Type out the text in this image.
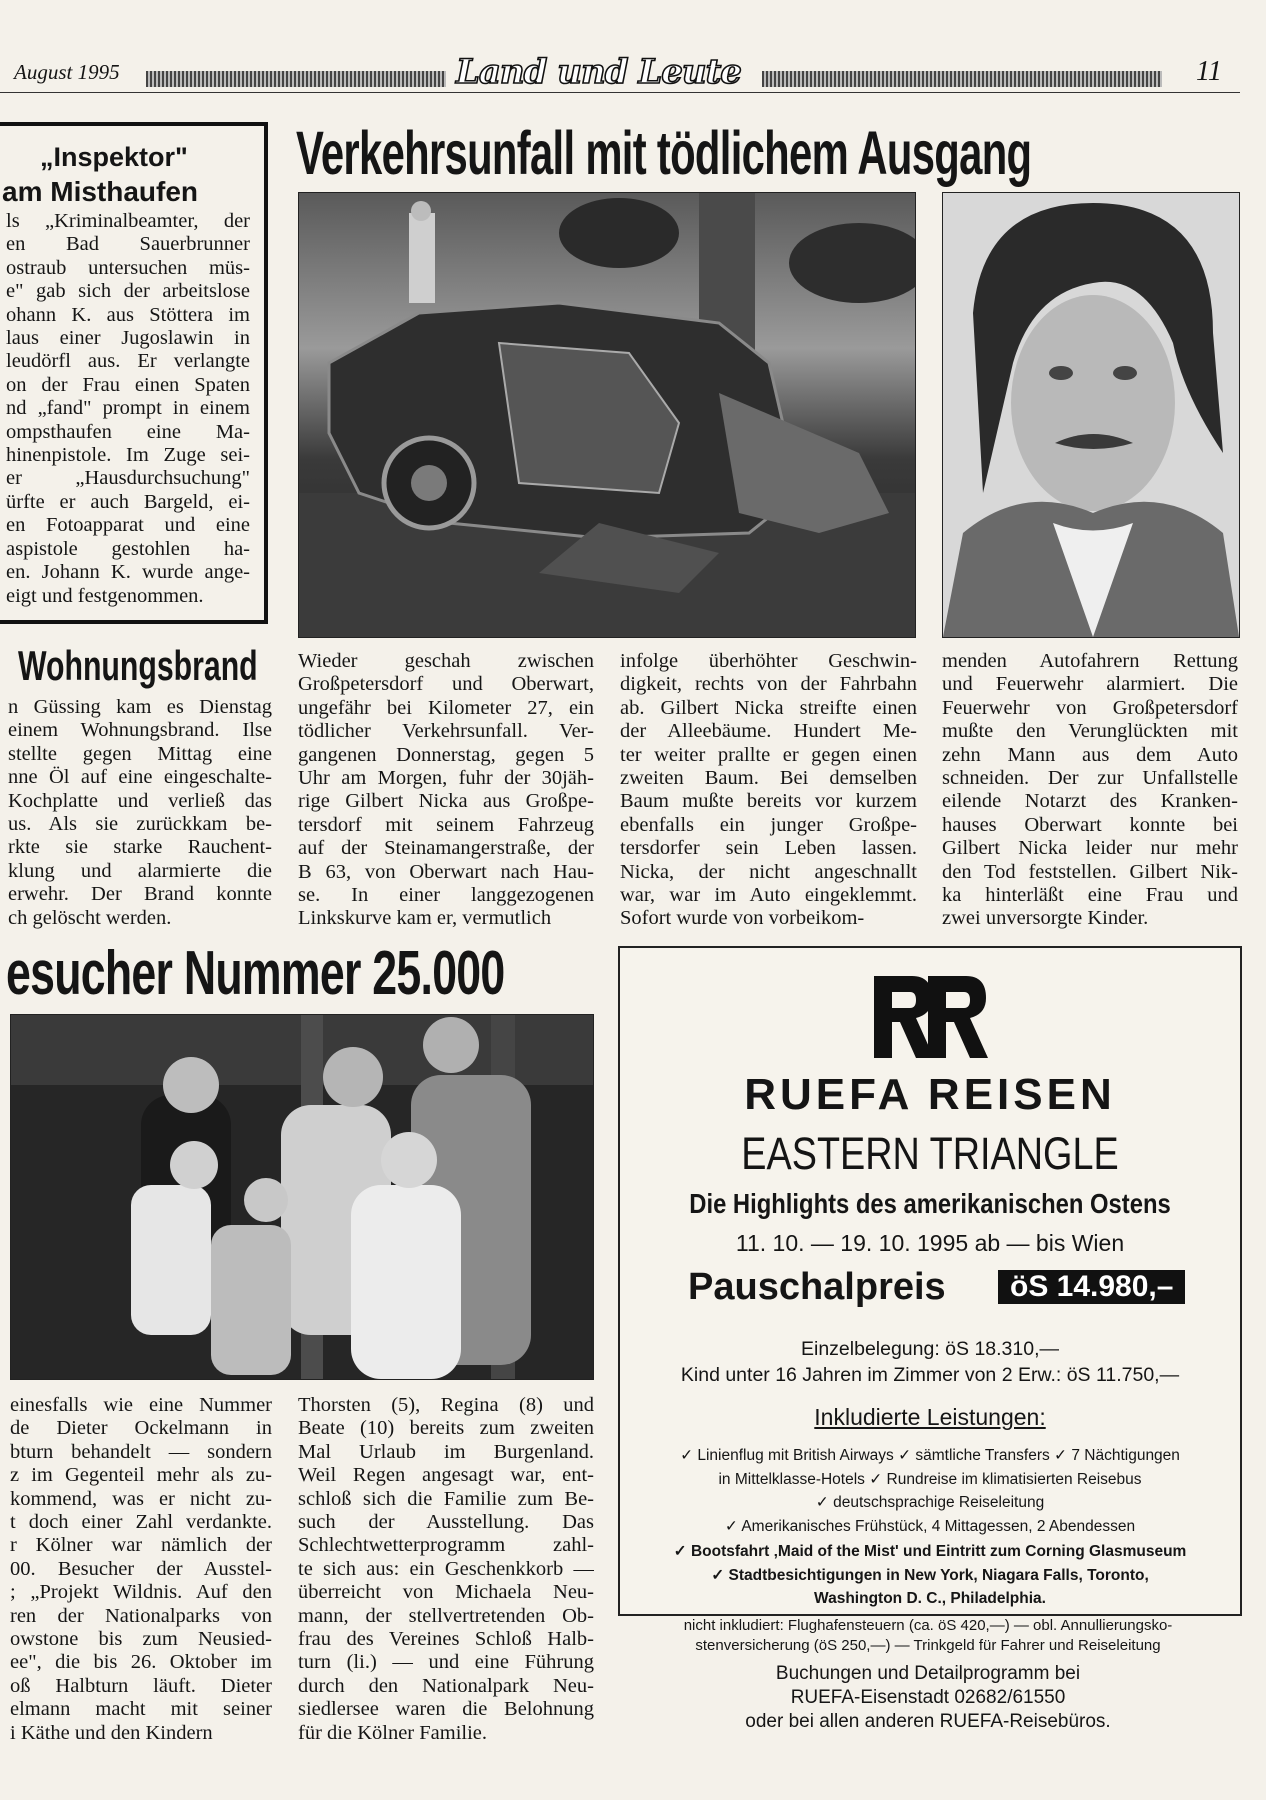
August 1995	Land und Leute	11
„Inspektor"
am Misthaufen
ls „Kriminalbeamter, der
en Bad Sauerbrunner
ostraub untersuchen müs-
e" gab sich der arbeitslose
ohann K. aus Stöttera im
laus einer Jugoslawin in
leudörfl aus. Er verlangte
on der Frau einen Spaten
nd „fand" prompt in einem
ompsthaufen eine Ma-
hinenpistole. Im Zuge sei-
er „Hausdurchsuchung"
ürfte er auch Bargeld, ei-
en Fotoapparat und eine
aspistole gestohlen ha-
en. Johann K. wurde ange-
eigt und festgenommen.
Verkehrsunfall mit tödlichem Ausgang
Wieder geschah zwischen
Großpetersdorf und Oberwart,
ungefähr bei Kilometer 27, ein
tödlicher Verkehrsunfall. Ver-
gangenen Donnerstag, gegen 5
Uhr am Morgen, fuhr der 30jäh-
rige Gilbert Nicka aus Großpe-
tersdorf mit seinem Fahrzeug
auf der Steinamangerstraße, der
B 63, von Oberwart nach Hau-
se. In einer langgezogenen
Linkskurve kam er, vermutlich
infolge überhöhter Geschwin-
digkeit, rechts von der Fahrbahn
ab. Gilbert Nicka streifte einen
der Alleebäume. Hundert Me-
ter weiter prallte er gegen einen
zweiten Baum. Bei demselben
Baum mußte bereits vor kurzem
ebenfalls ein junger Großpe-
tersdorfer sein Leben lassen.
Nicka, der nicht angeschnallt
war, war im Auto eingeklemmt.
Sofort wurde von vorbeikom-
menden Autofahrern Rettung
und Feuerwehr alarmiert. Die
Feuerwehr von Großpetersdorf
mußte den Verunglückten mit
zehn Mann aus dem Auto
schneiden. Der zur Unfallstelle
eilende Notarzt des Kranken-
hauses Oberwart konnte bei
Gilbert Nicka leider nur mehr
den Tod feststellen. Gilbert Nik-
ka hinterläßt eine Frau und
zwei unversorgte Kinder.
Wohnungsbrand
n Güssing kam es Dienstag
einem Wohnungsbrand. Ilse
stellte gegen Mittag eine
nne Öl auf eine eingeschalte-
Kochplatte und verließ das
us. Als sie zurückkam be-
rkte sie starke Rauchent-
klung und alarmierte die
erwehr. Der Brand konnte
ch gelöscht werden.
esucher Nummer 25.000
einesfalls wie eine Nummer
de Dieter Ockelmann in
bturn behandelt — sondern
z im Gegenteil mehr als zu-
kommend, was er nicht zu-
t doch einer Zahl verdankte.
r Kölner war nämlich der
00. Besucher der Ausstel-
; „Projekt Wildnis. Auf den
ren der Nationalparks von
owstone bis zum Neusied-
ee", die bis 26. Oktober im
oß Halbturn läuft. Dieter
elmann macht mit seiner
i Käthe und den Kindern
Thorsten (5), Regina (8) und
Beate (10) bereits zum zweiten
Mal Urlaub im Burgenland.
Weil Regen angesagt war, ent-
schloß sich die Familie zum Be-
such der Ausstellung. Das
Schlechtwetterprogramm zahl-
te sich aus: ein Geschenkkorb —
überreicht von Michaela Neu-
mann, der stellvertretenden Ob-
frau des Vereines Schloß Halb-
turn (li.) — und eine Führung
durch den Nationalpark Neu-
siedlersee waren die Belohnung
für die Kölner Familie.
RUEFA REISEN
EASTERN TRIANGLE
Die Highlights des amerikanischen Ostens
11. 10. — 19. 10. 1995 ab — bis Wien
Pauschalpreis	öS 14.980,–
Einzelbelegung: öS 18.310,—
Kind unter 16 Jahren im Zimmer von 2 Erw.: öS 11.750,—
Inkludierte Leistungen:
✓ Linienflug mit British Airways ✓ sämtliche Transfers ✓ 7 Nächtigungen
in Mittelklasse-Hotels ✓ Rundreise im klimatisierten Reisebus
✓ deutschsprachige Reiseleitung
✓ Amerikanisches Frühstück, 4 Mittagessen, 2 Abendessen
✓ Bootsfahrt ‚Maid of the Mist' und Eintritt zum Corning Glasmuseum
✓ Stadtbesichtigungen in New York, Niagara Falls, Toronto,
Washington D. C., Philadelphia.
nicht inkludiert: Flughafensteuern (ca. öS 420,—) — obl. Annullierungsko-
stenversicherung (öS 250,—) — Trinkgeld für Fahrer und Reiseleitung
Buchungen und Detailprogramm bei
RUEFA-Eisenstadt 02682/61550
oder bei allen anderen RUEFA-Reisebüros.
